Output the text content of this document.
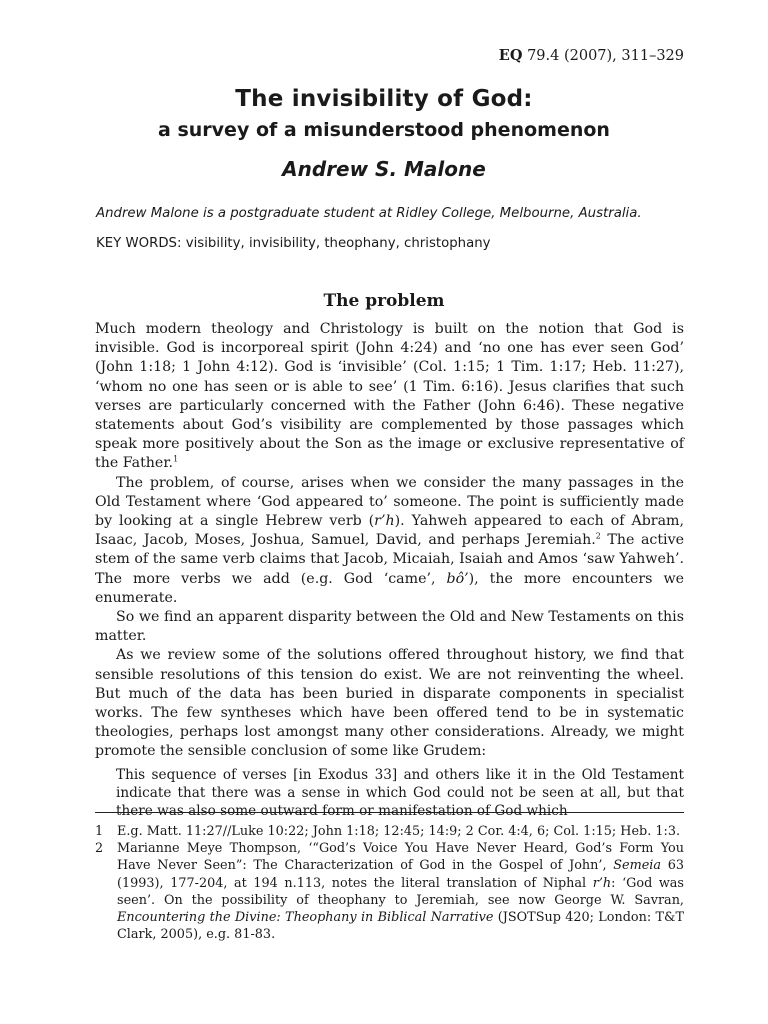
EQ 79.4 (2007), 311–329
The invisibility of God:
a survey of a misunderstood phenomenon
Andrew S. Malone
Andrew Malone is a postgraduate student at Ridley College, Melbourne, Australia.
KEY WORDS: visibility, invisibility, theophany, christophany
The problem

Much modern theology and Christology is built on the notion that God is invisible. God is incorporeal spirit (John 4:24) and ‘no one has ever seen God’ (John 1:18; 1 John 4:12). God is ‘invisible’ (Col. 1:15; 1 Tim. 1:17; Heb. 11:27), ‘whom no one has seen or is able to see’ (1 Tim. 6:16). Jesus clarifies that such verses are particularly concerned with the Father (John 6:46). These negative statements about God’s visibility are complemented by those passages which speak more positively about the Son as the image or exclusive representative of the Father.$^1$

The problem, of course, arises when we consider the many passages in the Old Testament where ‘God appeared to’ someone. The point is sufficiently made by looking at a single Hebrew verb (r’h). Yahweh appeared to each of Abram, Isaac, Jacob, Moses, Joshua, Samuel, David, and perhaps Jeremiah.$^2$ The active stem of the same verb claims that Jacob, Micaiah, Isaiah and Amos ‘saw Yahweh’. The more verbs we add (e.g. God ‘came’, bô’), the more encounters we enumerate.

So we find an apparent disparity between the Old and New Testaments on this matter.

As we review some of the solutions offered throughout history, we find that sensible resolutions of this tension do exist. We are not reinventing the wheel. But much of the data has been buried in disparate components in specialist works. The few syntheses which have been offered tend to be in systematic theologies, perhaps lost amongst many other considerations. Already, we might promote the sensible conclusion of some like Grudem:

This sequence of verses [in Exodus 33] and others like it in the Old Testament indicate that there was a sense in which God could not be seen at all, but that there was also some outward form or manifestation of God which
1 E.g. Matt. 11:27//Luke 10:22; John 1:18; 12:45; 14:9; 2 Cor. 4:4, 6; Col. 1:15; Heb. 1:3.
2 Marianne Meye Thompson, ‘“God’s Voice You Have Never Heard, God’s Form You Have Never Seen”: The Characterization of God in the Gospel of John’, Semeia 63 (1993), 177-204, at 194 n.113, notes the literal translation of Niphal r’h: ‘God was seen’. On the possibility of theophany to Jeremiah, see now George W. Savran, Encountering the Divine: Theophany in Biblical Narrative (JSOTSup 420; London: T&T Clark, 2005), e.g. 81-83.
